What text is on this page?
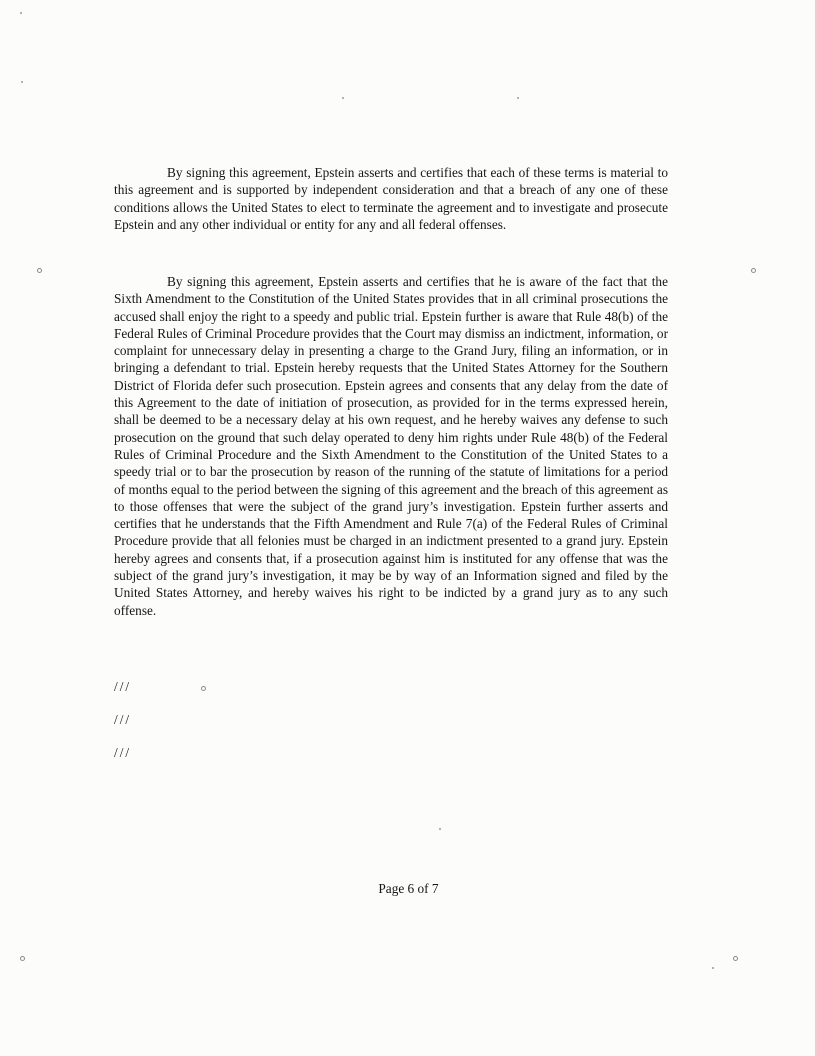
By signing this agreement, Epstein asserts and certifies that each of these terms is material to this agreement and is supported by independent consideration and that a breach of any one of these conditions allows the United States to elect to terminate the agreement and to investigate and prosecute Epstein and any other individual or entity for any and all federal offenses.

By signing this agreement, Epstein asserts and certifies that he is aware of the fact that the Sixth Amendment to the Constitution of the United States provides that in all criminal prosecutions the accused shall enjoy the right to a speedy and public trial. Epstein further is aware that Rule 48(b) of the Federal Rules of Criminal Procedure provides that the Court may dismiss an indictment, information, or complaint for unnecessary delay in presenting a charge to the Grand Jury, filing an information, or in bringing a defendant to trial. Epstein hereby requests that the United States Attorney for the Southern District of Florida defer such prosecution. Epstein agrees and consents that any delay from the date of this Agreement to the date of initiation of prosecution, as provided for in the terms expressed herein, shall be deemed to be a necessary delay at his own request, and he hereby waives any defense to such prosecution on the ground that such delay operated to deny him rights under Rule 48(b) of the Federal Rules of Criminal Procedure and the Sixth Amendment to the Constitution of the United States to a speedy trial or to bar the prosecution by reason of the running of the statute of limitations for a period of months equal to the period between the signing of this agreement and the breach of this agreement as to those offenses that were the subject of the grand jury’s investigation. Epstein further asserts and certifies that he understands that the Fifth Amendment and Rule 7(a) of the Federal Rules of Criminal Procedure provide that all felonies must be charged in an indictment presented to a grand jury. Epstein hereby agrees and consents that, if a prosecution against him is instituted for any offense that was the subject of the grand jury’s investigation, it may be by way of an Information signed and filed by the United States Attorney, and hereby waives his right to be indicted by a grand jury as to any such offense.

///

///

///

Page 6 of 7
